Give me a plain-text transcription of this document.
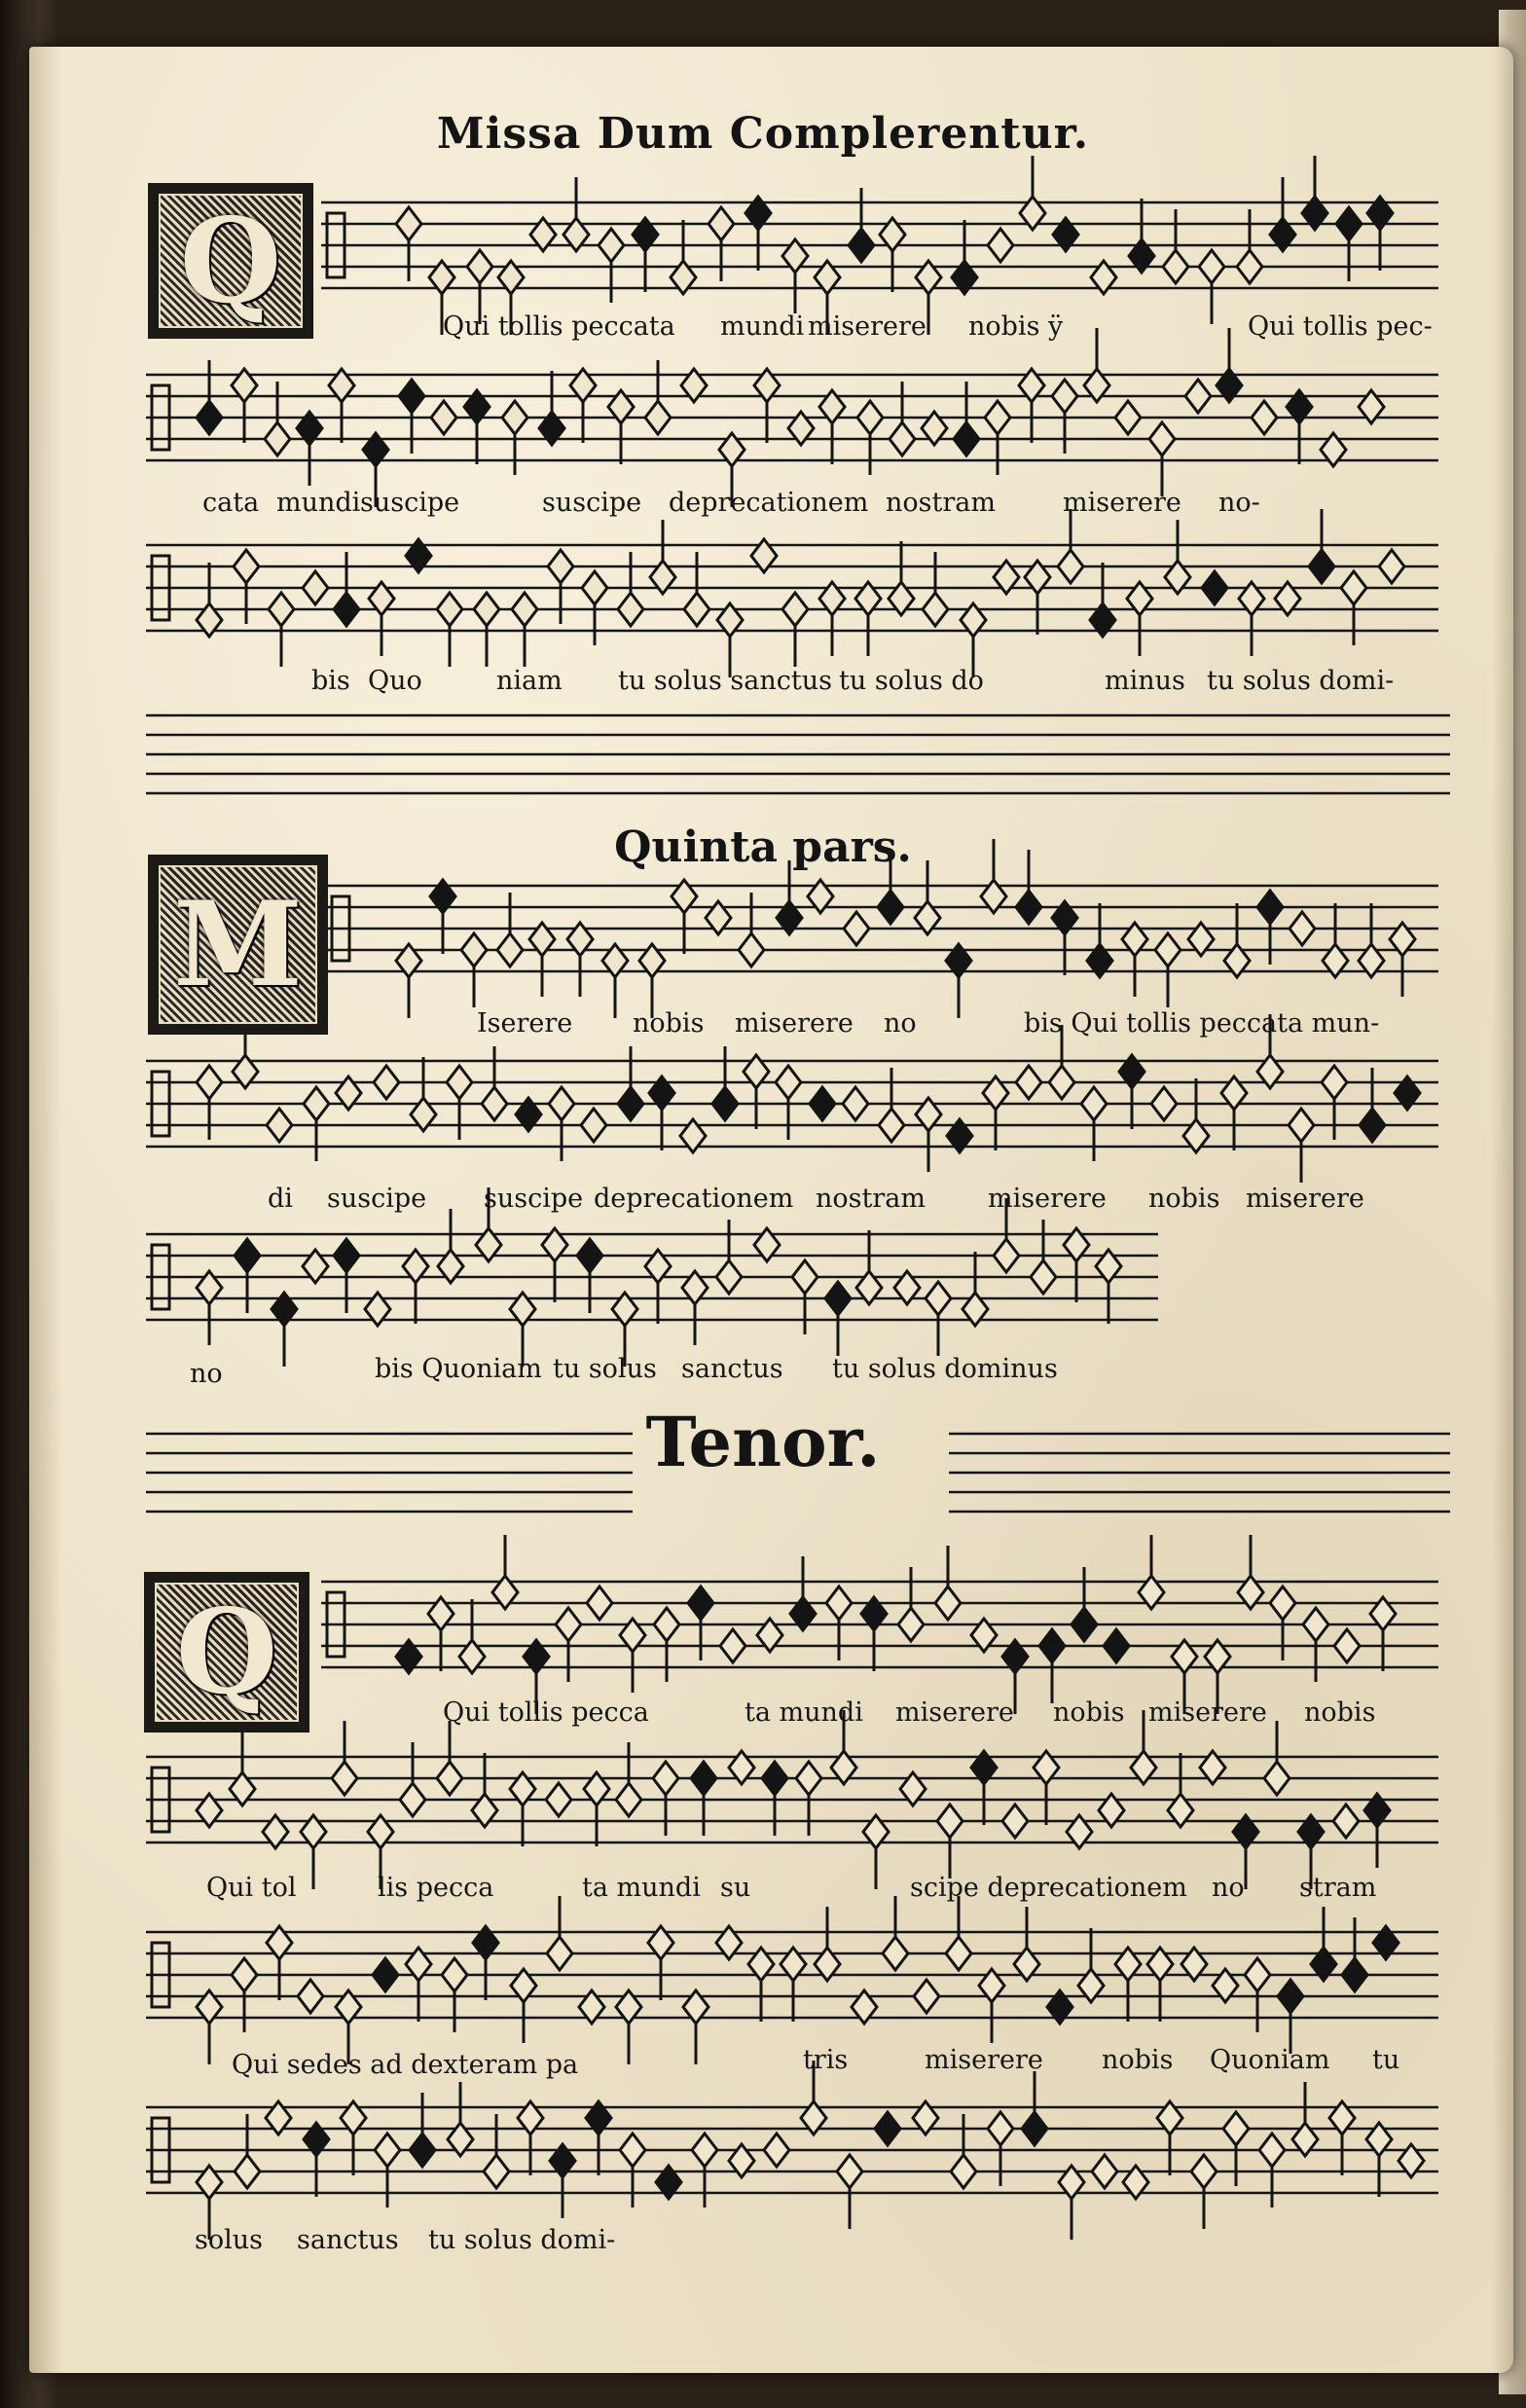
Missa Dum Complerentur.
Quinta pars.
Tenor.
Q
M
Q
Qui tollis peccata mundi miserere nobis ÿ	Qui tollis pec-
cata mundi suscipe	suscipe deprecationem nostram	miserere no-
bis Quo	niam tu solus sanctus tu solus do	minus tu solus domi-
Iserere nobis miserere no	bis Qui tollis peccata mun-
di suscipe suscipe deprecationem nostram miserere nobis miserere
no	bis Quoniam tu solus sanctus tu solus dominus
Qui tollis pecca	ta mundi miserere nobis miserere nobis
Qui tol	lis pecca	ta mundi su	scipe deprecationem no stram
Qui sedes ad dexteram pa	tris	miserere nobis Quoniam tu
solus sanctus tu solus domi-
